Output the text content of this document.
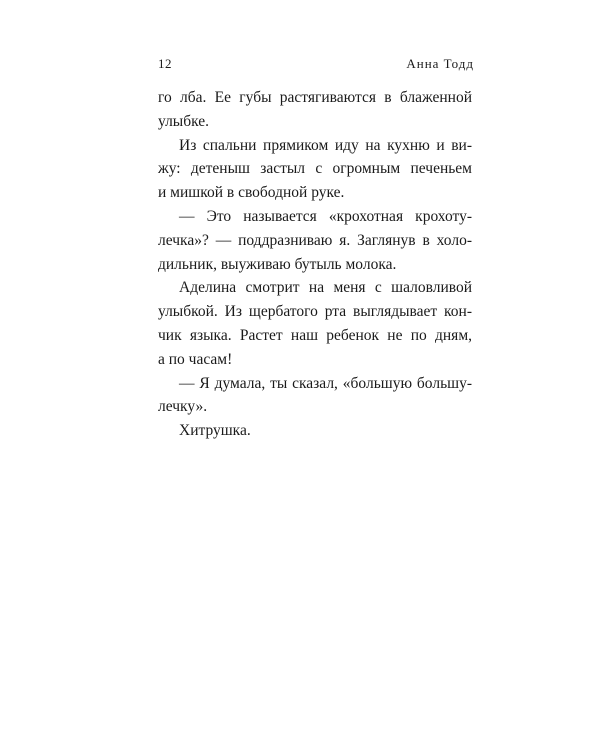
12	Анна Тодд
го лба. Ее губы растягиваются в блаженной
улыбке.
Из спальни прямиком иду на кухню и ви-
жу: детеныш застыл с огромным печеньем
и мишкой в свободной руке.
— Это называется «крохотная крохоту-
лечка»? — поддразниваю я. Заглянув в холо-
дильник, выуживаю бутыль молока.
Аделина смотрит на меня с шаловливой
улыбкой. Из щербатого рта выглядывает кон-
чик языка. Растет наш ребенок не по дням,
а по часам!
— Я думала, ты сказал, «большую большу-
лечку».
Хитрушка.
